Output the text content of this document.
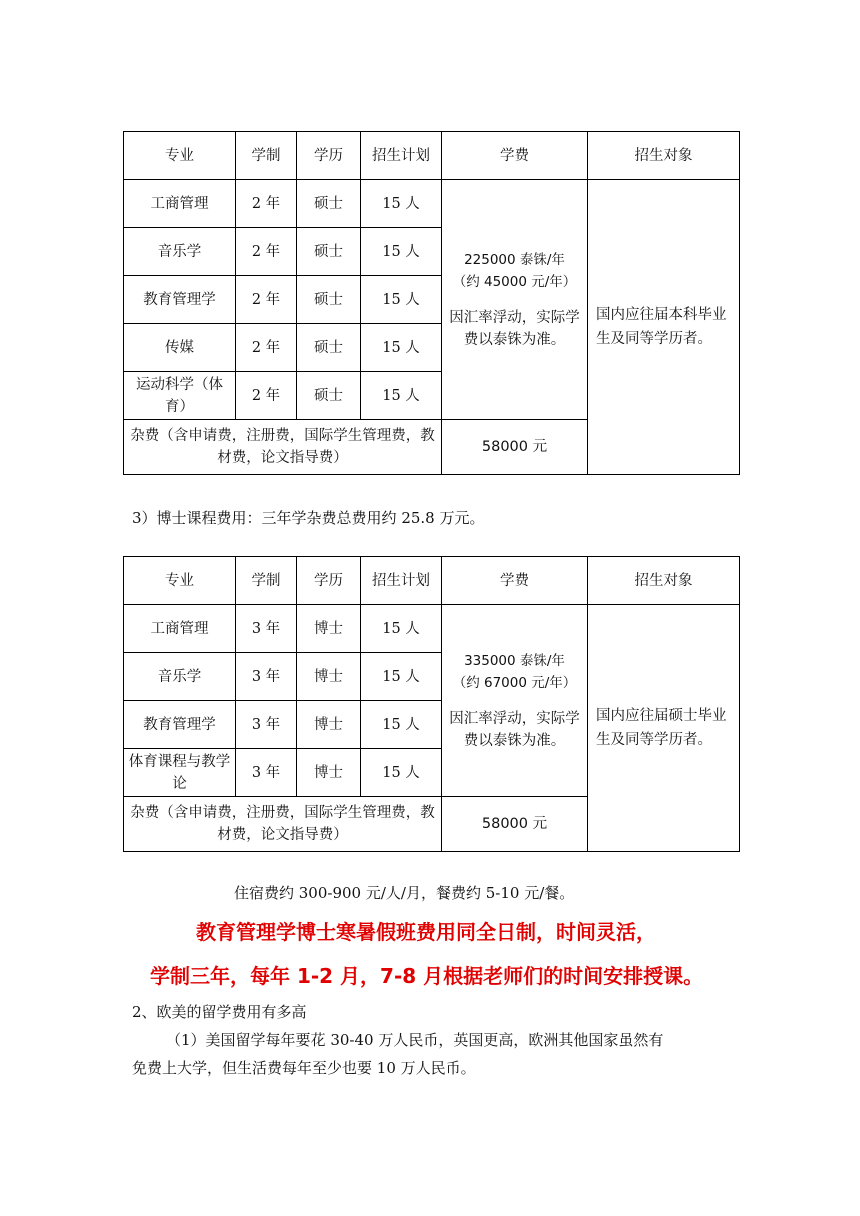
专业	学制	学历	招生计划	学费	招生对象
工商管理	2 年	硕士	15 人	225000 泰铢/年

（约 45000 元/年）

因汇率浮动，实际学费以泰铢为准。	国内应往届本科毕业生及同等学历者。
音乐学	2 年	硕士	15 人		
教育管理学	2 年	硕士	15 人		
传媒	2 年	硕士	15 人		
运动科学（体育）	2 年	硕士	15 人		
杂费（含申请费，注册费，国际学生管理费，教材费，论文指导费）				58000 元	
3）博士课程费用：三年学杂费总费用约 25.8 万元。
专业	学制	学历	招生计划	学费	招生对象
工商管理	3 年	博士	15 人	335000 泰铢/年

（约 67000 元/年）

因汇率浮动，实际学费以泰铢为准。	国内应往届硕士毕业生及同等学历者。
音乐学	3 年	博士	15 人		
教育管理学	3 年	博士	15 人		
体育课程与教学论	3 年	博士	15 人		
杂费（含申请费，注册费，国际学生管理费，教材费，论文指导费）				58000 元	
住宿费约 300-900 元/人/月，餐费约 5-10 元/餐。
教育管理学博士寒暑假班费用同全日制，时间灵活，
学制三年，每年 1-2 月，7-8 月根据老师们的时间安排授课。
2、欧美的留学费用有多高
（1）美国留学每年要花 30-40 万人民币，英国更高，欧洲其他国家虽然有
免费上大学，但生活费每年至少也要 10 万人民币。
